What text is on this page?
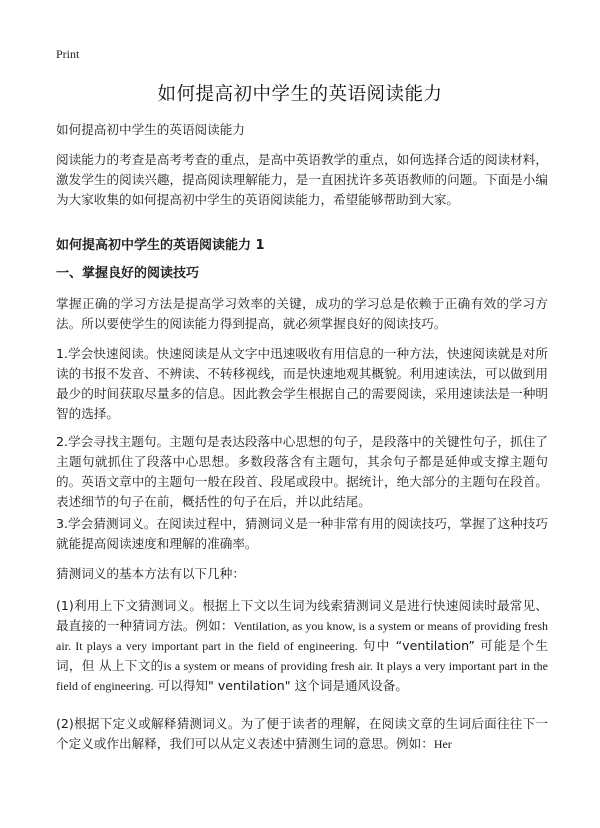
Print
如何提高初中学生的英语阅读能力

如何提高初中学生的英语阅读能力

阅读能力的考查是高考考查的重点，是高中英语教学的重点，如何选择合适的阅读材料，激发学生的阅读兴趣，提高阅读理解能力，是一直困扰许多英语教师的问题。下面是小编为大家收集的如何提高初中学生的英语阅读能力，希望能够帮助到大家。

如何提高初中学生的英语阅读能力 1

一、掌握良好的阅读技巧

掌握正确的学习方法是提高学习效率的关键，成功的学习总是依赖于正确有效的学习方法。所以要使学生的阅读能力得到提高，就必须掌握良好的阅读技巧。

1.学会快速阅读。快速阅读是从文字中迅速吸收有用信息的一种方法，快速阅读就是对所读的书报不发音、不辨读、不转移视线，而是快速地观其概貌。利用速读法，可以做到用最少的时间获取尽量多的信息。因此教会学生根据自己的需要阅读，采用速读法是一种明智的选择。

2.学会寻找主题句。主题句是表达段落中心思想的句子，是段落中的关键性句子，抓住了主题句就抓住了段落中心思想。多数段落含有主题句，其余句子都是延伸或支撑主题句的。英语文章中的主题句一般在段首、段尾或段中。据统计，绝大部分的主题句在段首。表述细节的句子在前，概括性的句子在后，并以此结尾。

3.学会猜测词义。在阅读过程中，猜测词义是一种非常有用的阅读技巧，掌握了这种技巧就能提高阅读速度和理解的准确率。

猜测词义的基本方法有以下几种：

(1)利用上下文猜测词义。根据上下文以生词为线索猜测词义是进行快速阅读时最常见、最直接的一种猜词方法。例如：Ventilation, as you know, is a system or means of providing fresh air. It plays a very important part in the field of engineering. 句中 “ventilation” 可能是个生词，但 从上下文的is a system or means of providing fresh air. It plays a very important part in the field of engineering. 可以得知" ventilation" 这个词是通风设备。

(2)根据下定义或解释猜测词义。为了便于读者的理解，在阅读文章的生词后面往往下一个定义或作出解释，我们可以从定义表述中猜测生词的意思。例如：Her
